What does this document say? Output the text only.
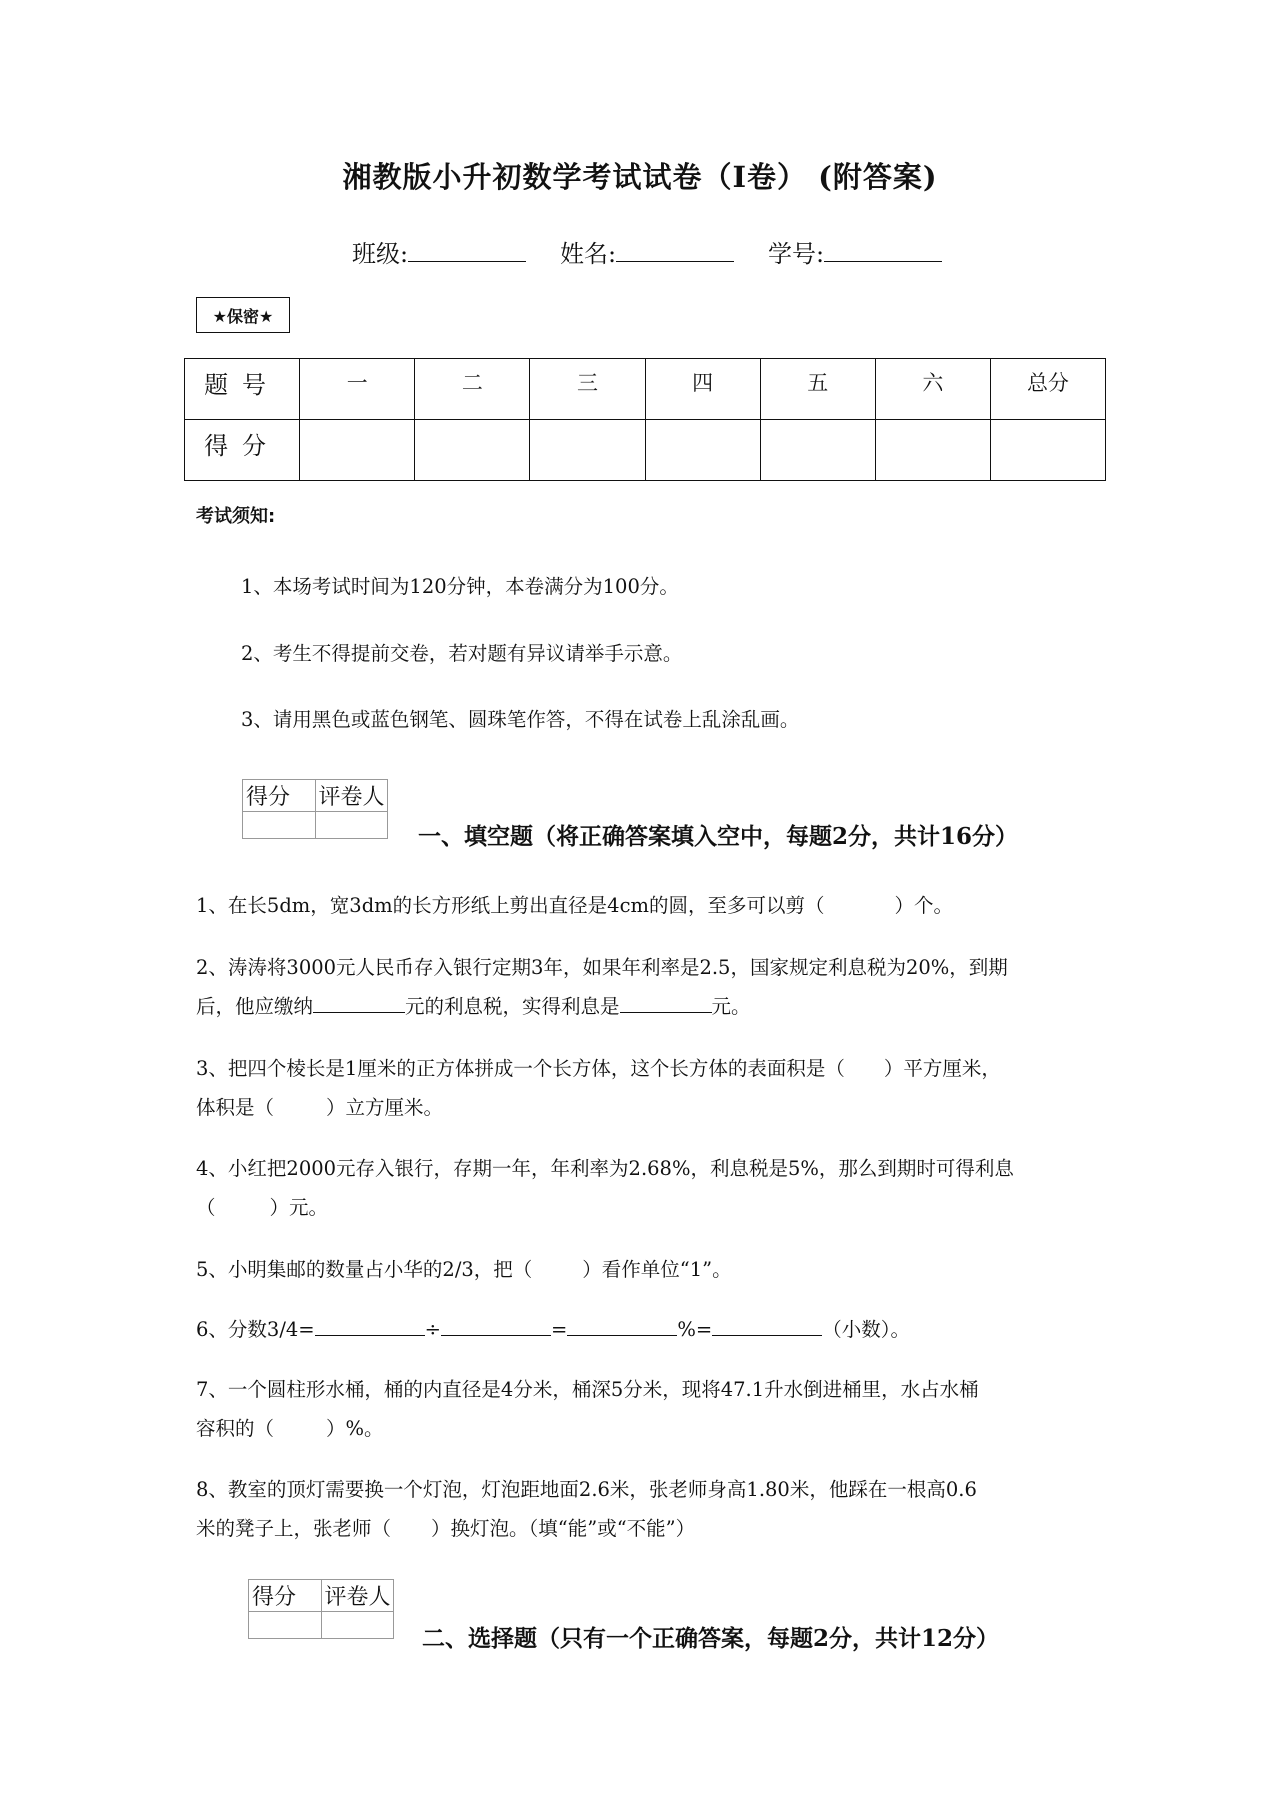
湘教版小升初数学考试试卷（I卷） (附答案)
班级:	姓名:	学号:
★保密★
题号	一	二	三	四	五	六	总分
得分							
考试须知:
1、本场考试时间为120分钟，本卷满分为100分。
2、考生不得提前交卷，若对题有异议请举手示意。
3、请用黑色或蓝色钢笔、圆珠笔作答，不得在试卷上乱涂乱画。
得分	评卷人

一、填空题（将正确答案填入空中，每题2分，共计16分）
1、在长5dm，宽3dm的长方形纸上剪出直径是4cm的圆，至多可以剪（	）个。
2、涛涛将3000元人民币存入银行定期3年，如果年利率是2.5，国家规定利息税为20%，到期
后，他应缴纳	元的利息税，实得利息是	元。
3、把四个棱长是1厘米的正方体拼成一个长方体，这个长方体的表面积是（　　）平方厘米，
体积是（	）立方厘米。
4、小红把2000元存入银行，存期一年，年利率为2.68%，利息税是5%，那么到期时可得利息
（	）元。
5、小明集邮的数量占小华的2/3，把（	）看作单位“1”。
6、分数3/4=	÷	=	%=	（小数）。
7、一个圆柱形水桶，桶的内直径是4分米，桶深5分米，现将47.1升水倒进桶里，水占水桶
容积的（	）%。
8、教室的顶灯需要换一个灯泡，灯泡距地面2.6米，张老师身高1.80米，他踩在一根高0.6
米的凳子上，张老师（ ）换灯泡。（填“能”或“不能”）
得分	评卷人

二、选择题（只有一个正确答案，每题2分，共计12分）
